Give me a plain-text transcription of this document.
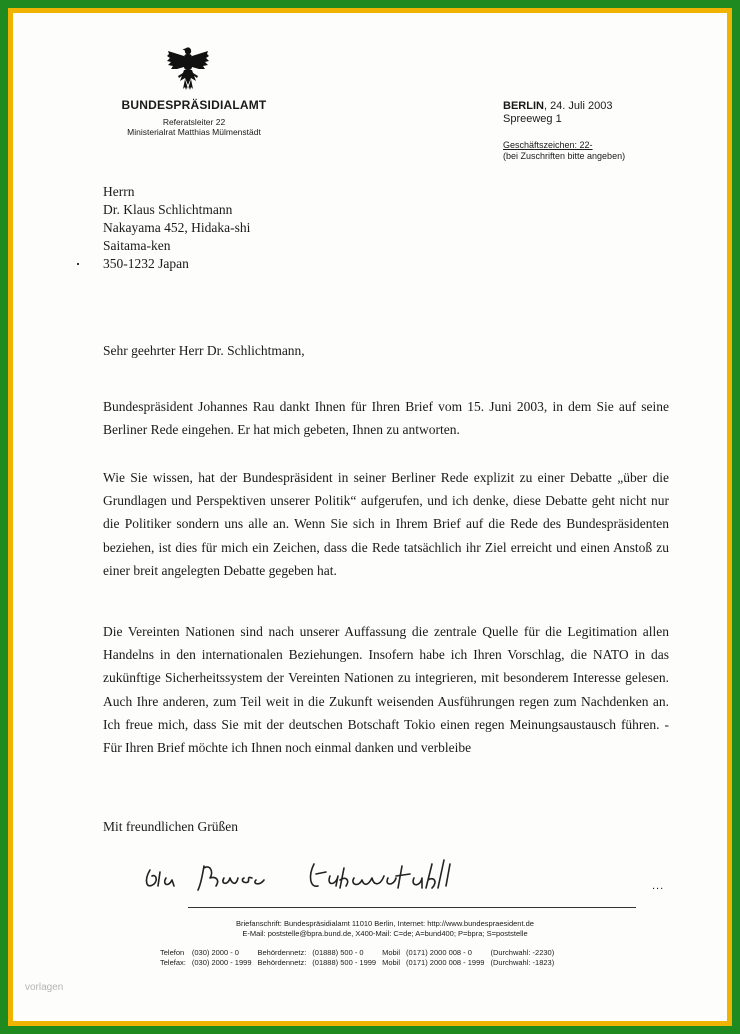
BUNDESPRÄSIDIALAMT
Referatsleiter 22
Ministerialrat Matthias Mülmenstädt
BERLIN, 24. Juli 2003
Spreeweg 1
Geschäftszeichen: 22-
(bei Zuschriften bitte angeben)
Herrn
Dr. Klaus Schlichtmann
Nakayama 452, Hidaka-shi
Saitama-ken
350-1232 Japan
Sehr geehrter Herr Dr. Schlichtmann,
Bundespräsident Johannes Rau dankt Ihnen für Ihren Brief vom 15. Juni 2003, in dem Sie auf seine Berliner Rede eingehen. Er hat mich gebeten, Ihnen zu antworten.
Wie Sie wissen, hat der Bundespräsident in seiner Berliner Rede explizit zu einer Debatte „über die Grundlagen und Perspektiven unserer Politik“ aufgerufen, und ich denke, diese Debatte geht nicht nur die Politiker sondern uns alle an. Wenn Sie sich in Ihrem Brief auf die Rede des Bundespräsidenten beziehen, ist dies für mich ein Zeichen, dass die Rede tatsächlich ihr Ziel erreicht und einen Anstoß zu einer breit angelegten Debatte gegeben hat.
Die Vereinten Nationen sind nach unserer Auffassung die zentrale Quelle für die Legitimation allen Handelns in den internationalen Beziehungen. Insofern habe ich Ihren Vorschlag, die NATO in das zukünftige Sicherheitssystem der Vereinten Nationen zu integrieren, mit besonderem Interesse gelesen. Auch Ihre anderen, zum Teil weit in die Zukunft weisenden Ausführungen regen zum Nachdenken an. Ich freue mich, dass Sie mit der deutschen Botschaft Tokio einen regen Meinungsaustausch führen. - Für Ihren Brief möchte ich Ihnen noch einmal danken und verbleibe
Mit freundlichen Grüßen
...
Briefanschrift: Bundespräsidialamt 11010 Berlin, Internet: http://www.bundespraesident.de
E-Mail: poststelle@bpra.bund.de, X400-Mail: C=de; A=bund400; P=bpra; S=poststelle
Telefon	(030) 2000 - 0	Behördennetz:	(01888) 500 - 0	Mobil	(0171) 2000 008 - 0	(Durchwahl: -2230)
Telefax:	(030) 2000 - 1999	Behördennetz:	(01888) 500 - 1999	Mobil	(0171) 2000 008 - 1999	(Durchwahl: -1823)
vorlagen
